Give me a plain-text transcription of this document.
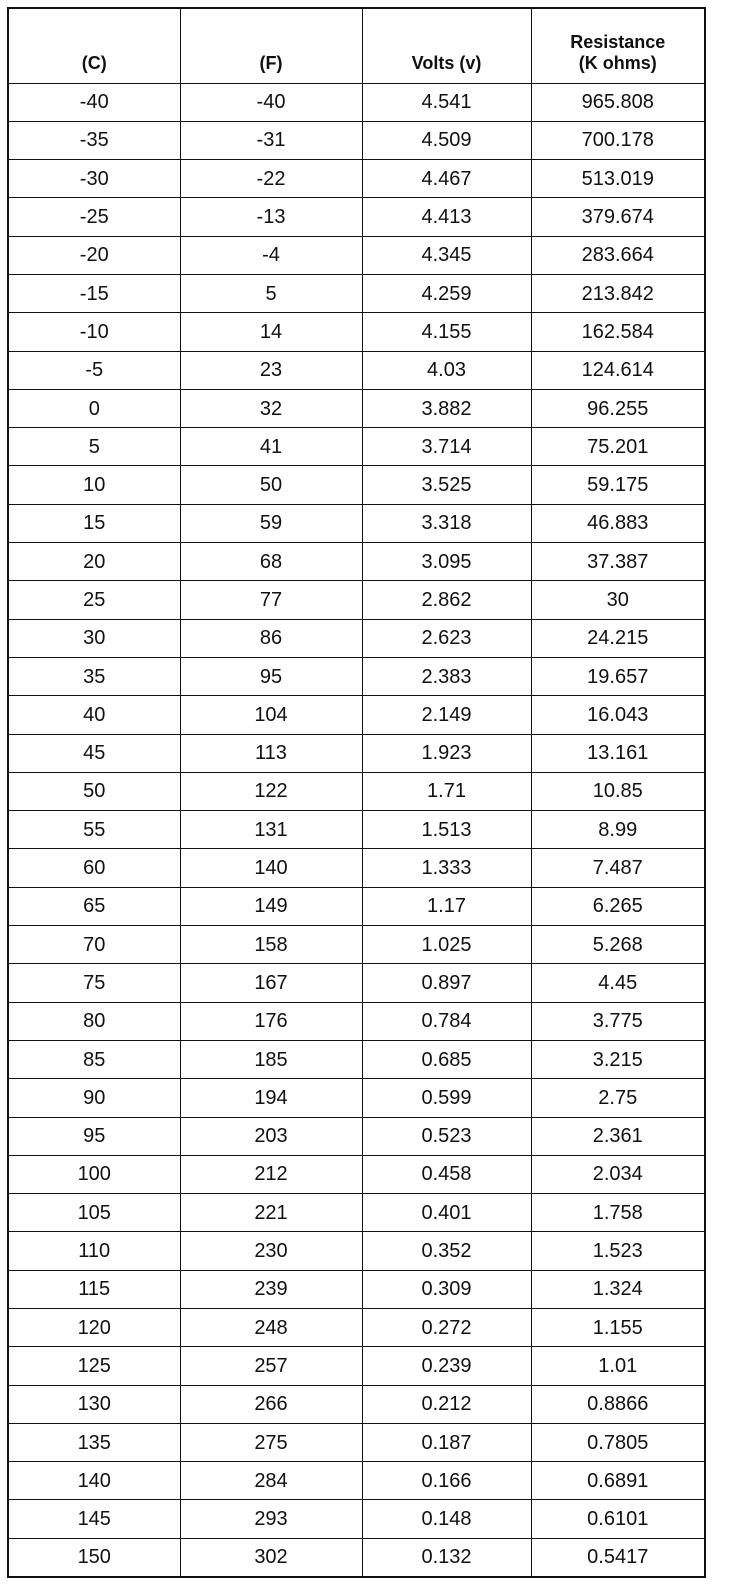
(C)	(F)	Volts (v)	Resistance
(K ohms)

-40	-40	4.541	965.808
-35	-31	4.509	700.178
-30	-22	4.467	513.019
-25	-13	4.413	379.674
-20	-4	4.345	283.664
-15	5	4.259	213.842
-10	14	4.155	162.584
-5	23	4.03	124.614
0	32	3.882	96.255
5	41	3.714	75.201
10	50	3.525	59.175
15	59	3.318	46.883
20	68	3.095	37.387
25	77	2.862	30
30	86	2.623	24.215
35	95	2.383	19.657
40	104	2.149	16.043
45	113	1.923	13.161
50	122	1.71	10.85
55	131	1.513	8.99
60	140	1.333	7.487
65	149	1.17	6.265
70	158	1.025	5.268
75	167	0.897	4.45
80	176	0.784	3.775
85	185	0.685	3.215
90	194	0.599	2.75
95	203	0.523	2.361
100	212	0.458	2.034
105	221	0.401	1.758
110	230	0.352	1.523
115	239	0.309	1.324
120	248	0.272	1.155
125	257	0.239	1.01
130	266	0.212	0.8866
135	275	0.187	0.7805
140	284	0.166	0.6891
145	293	0.148	0.6101
150	302	0.132	0.5417
